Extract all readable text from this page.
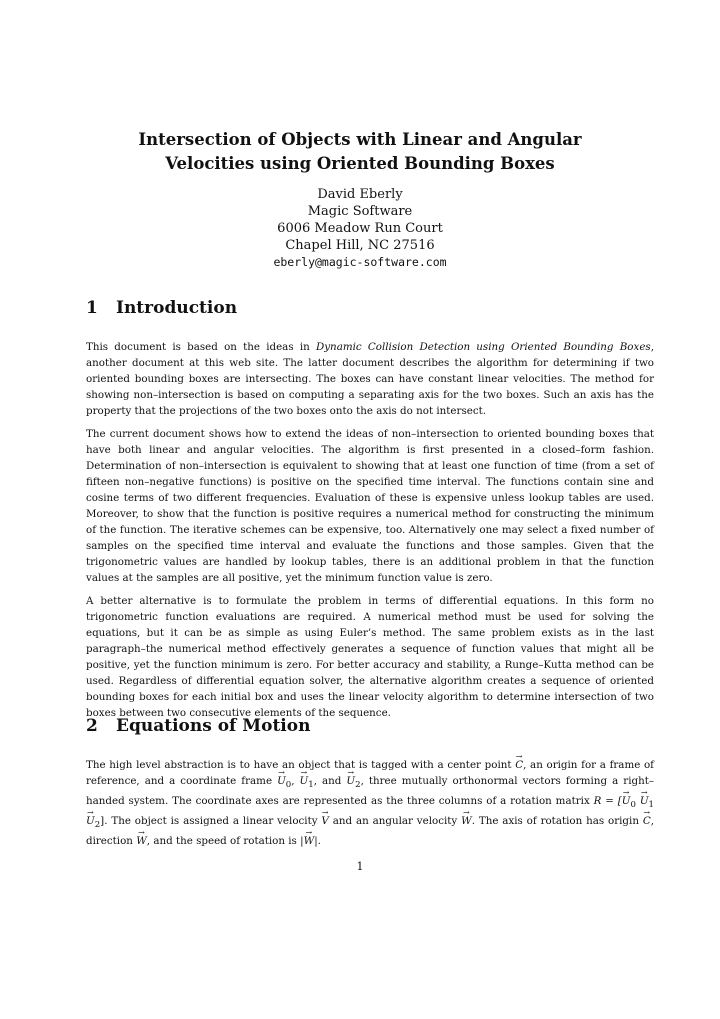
Intersection of Objects with Linear and Angular
Velocities using Oriented Bounding Boxes
David Eberly
Magic Software
6006 Meadow Run Court
Chapel Hill, NC 27516
eberly@magic-software.com
1 Introduction

This document is based on the ideas in Dynamic Collision Detection using Oriented Bounding Boxes, another document at this web site. The latter document describes the algorithm for determining if two oriented bounding boxes are intersecting. The boxes can have constant linear velocities. The method for showing non–intersection is based on computing a separating axis for the two boxes. Such an axis has the property that the projections of the two boxes onto the axis do not intersect.

The current document shows how to extend the ideas of non–intersection to oriented bounding boxes that have both linear and angular velocities. The algorithm is first presented in a closed–form fashion. Determination of non–intersection is equivalent to showing that at least one function of time (from a set of fifteen non–negative functions) is positive on the specified time interval. The functions contain sine and cosine terms of two different frequencies. Evaluation of these is expensive unless lookup tables are used. Moreover, to show that the function is positive requires a numerical method for constructing the minimum of the function. The iterative schemes can be expensive, too. Alternatively one may select a fixed number of samples on the specified time interval and evaluate the functions and those samples. Given that the trigonometric values are handled by lookup tables, there is an additional problem in that the function values at the samples are all positive, yet the minimum function value is zero.

A better alternative is to formulate the problem in terms of differential equations. In this form no trigonometric function evaluations are required. A numerical method must be used for solving the equations, but it can be as simple as using Euler’s method. The same problem exists as in the last paragraph–the numerical method effectively generates a sequence of function values that might all be positive, yet the function minimum is zero. For better accuracy and stability, a Runge–Kutta method can be used. Regardless of differential equation solver, the alternative algorithm creates a sequence of oriented bounding boxes for each initial box and uses the linear velocity algorithm to determine intersection of two boxes between two consecutive elements of the sequence.

2 Equations of Motion

The high level abstraction is to have an object that is tagged with a center point → C, an origin for a frame of reference, and a coordinate frame → $U_0$, → $U_1$, and → $U_2$, three mutually orthonormal vectors forming a right–handed system. The coordinate axes are represented as the three columns of a rotation matrix R = [→ $U_0 \to U_1 \to U_2$]. The object is assigned a linear velocity → V and an angular velocity → W. The axis of rotation has origin → C, direction → W, and the speed of rotation is |→ W|.

1
